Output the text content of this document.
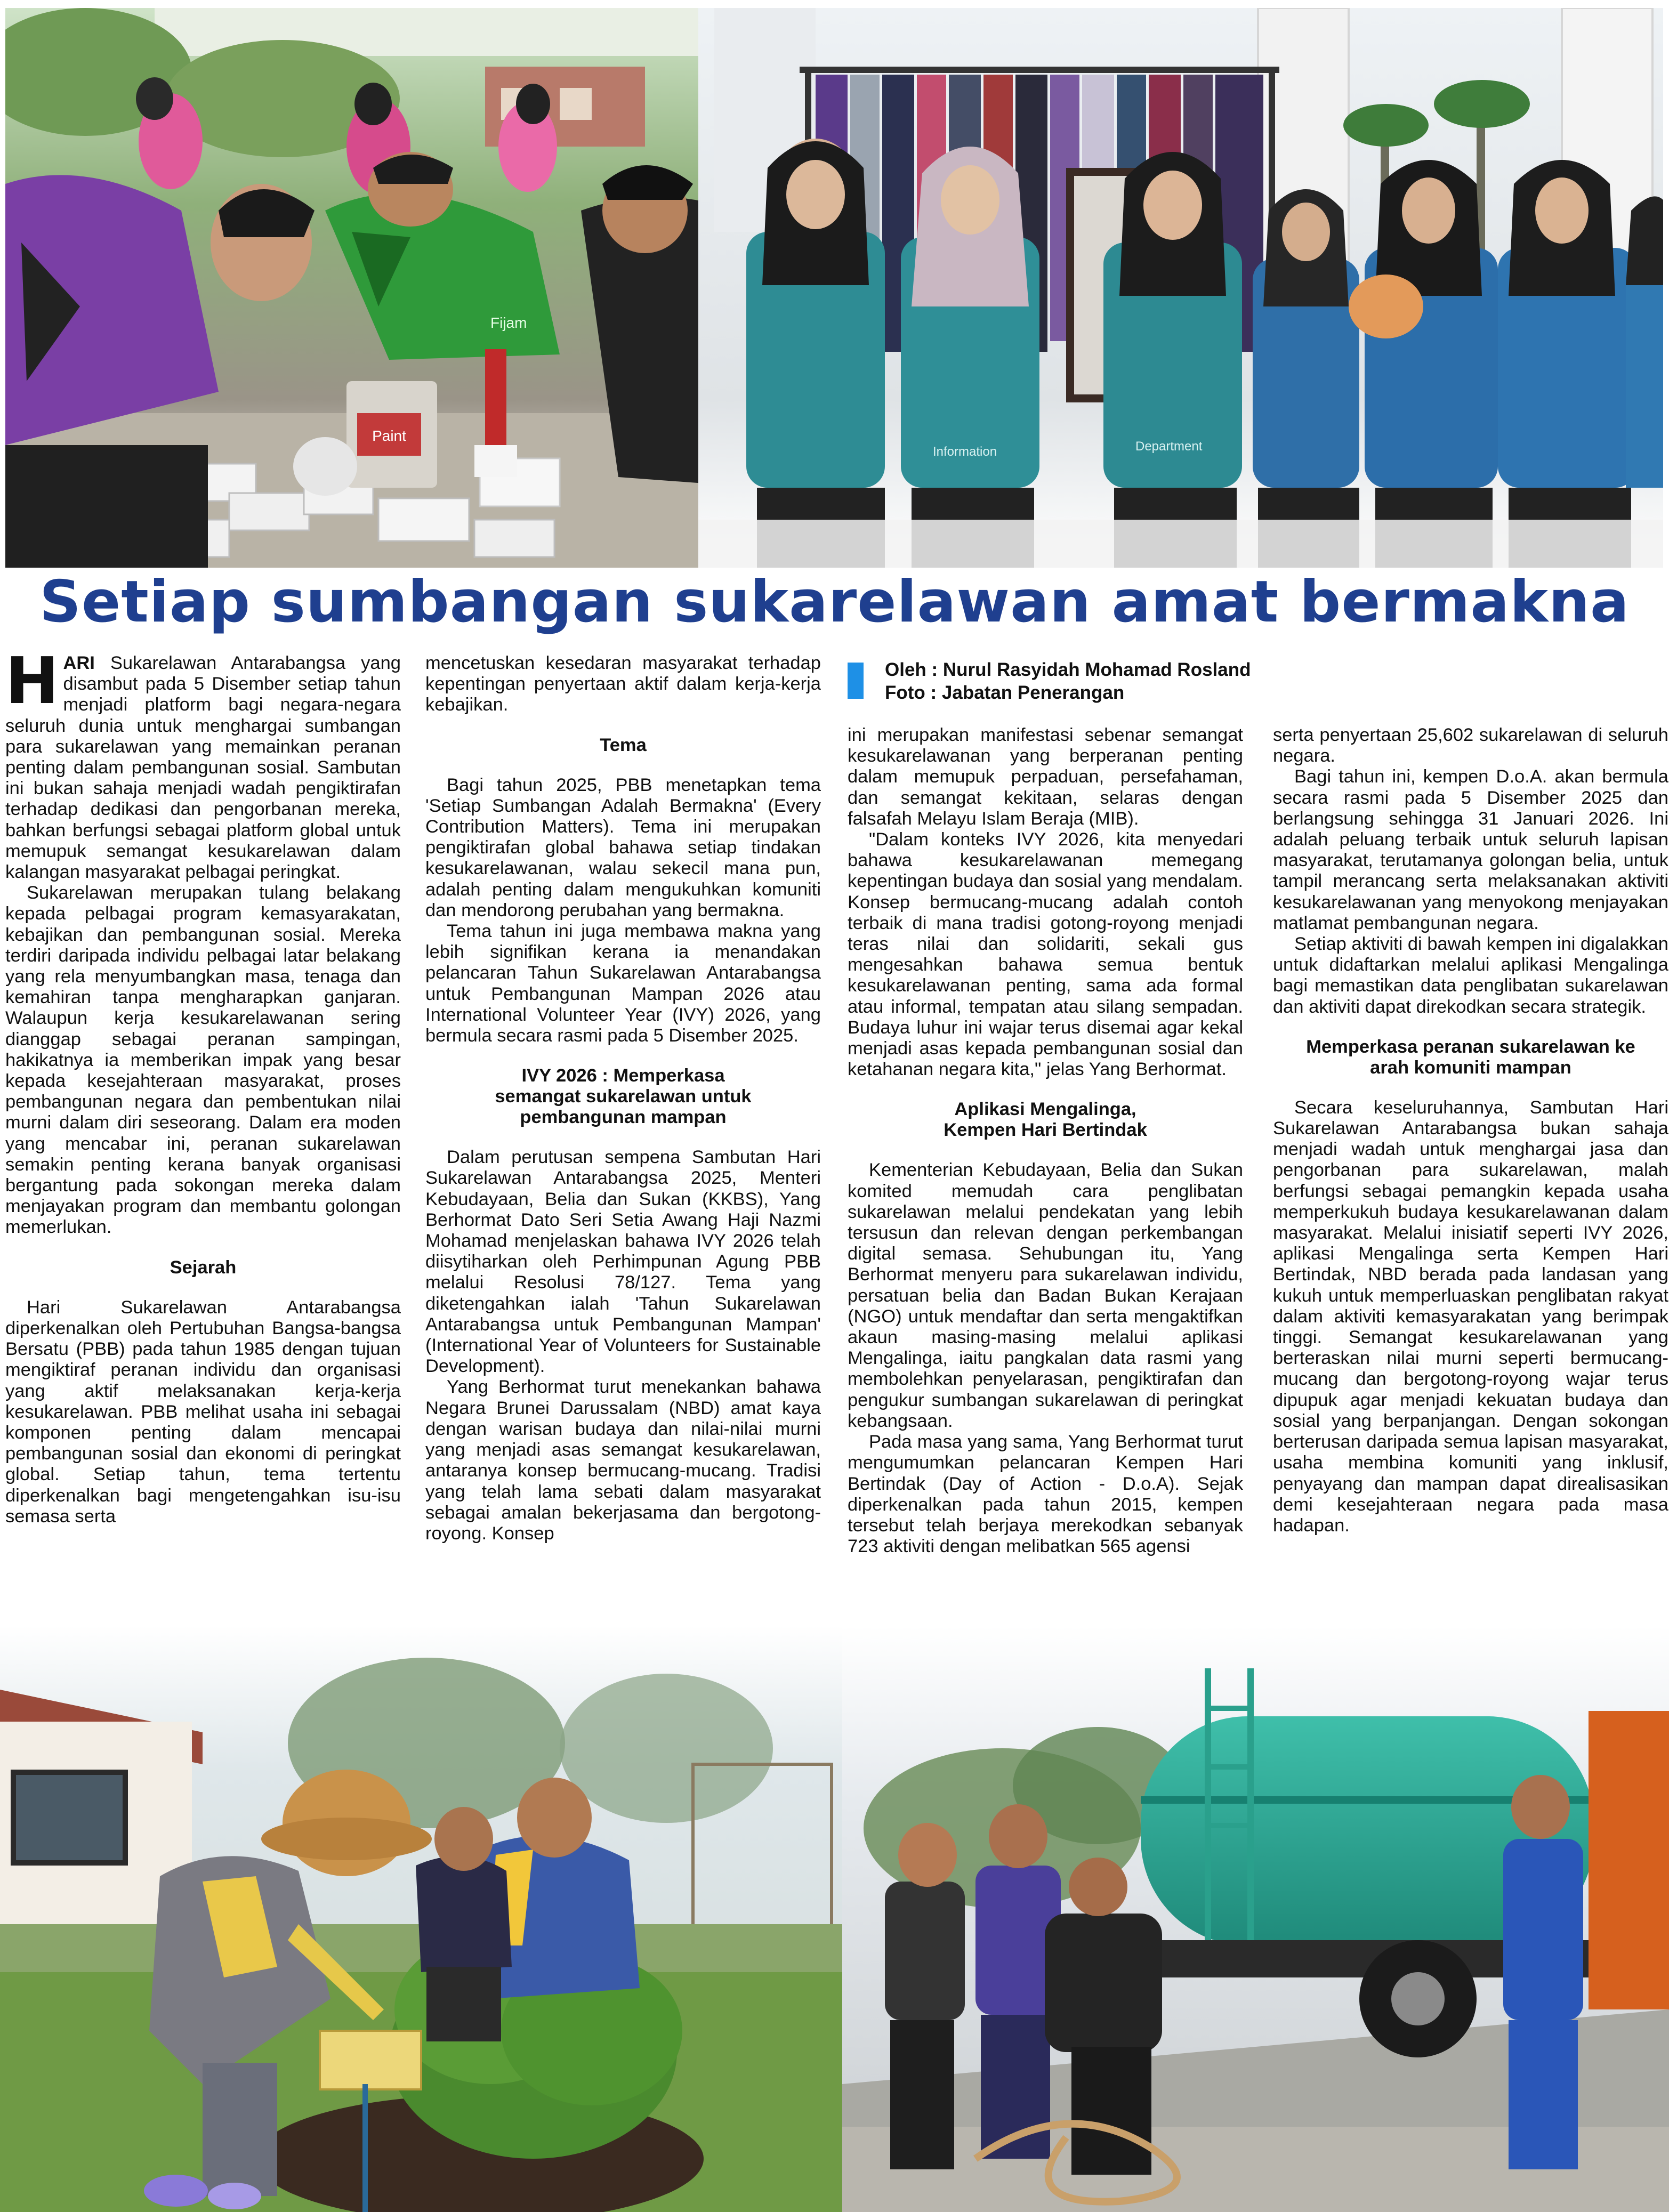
Paint
Fijam
Information	Department
Setiap sumbangan sukarelawan amat bermakna

HARI Sukarelawan Antarabangsa yang disambut pada 5 Disember setiap tahun menjadi platform bagi negara-negara seluruh dunia untuk menghargai sumbangan para sukarelawan yang memainkan peranan penting dalam pembangunan sosial. Sambutan ini bukan sahaja menjadi wadah pengiktirafan terhadap dedikasi dan pengorbanan mereka, bahkan berfungsi sebagai platform global untuk memupuk semangat kesukarelawan dalam kalangan masyarakat pelbagai peringkat.

Sukarelawan merupakan tulang belakang kepada pelbagai program kemasyarakatan, kebajikan dan pembangunan sosial. Mereka terdiri daripada individu pelbagai latar belakang yang rela menyumbangkan masa, tenaga dan kemahiran tanpa mengharapkan ganjaran. Walaupun kerja kesukarelawanan sering dianggap sebagai peranan sampingan, hakikatnya ia memberikan impak yang besar kepada kesejahteraan masyarakat, proses pembangunan negara dan pembentukan nilai murni dalam diri seseorang. Dalam era moden yang mencabar ini, peranan sukarelawan semakin penting kerana banyak organisasi bergantung pada sokongan mereka dalam menjayakan program dan membantu golongan memerlukan.

Sejarah

Hari Sukarelawan Antarabangsa diperkenalkan oleh Pertubuhan Bangsa-bangsa Bersatu (PBB) pada tahun 1985 dengan tujuan mengiktiraf peranan individu dan organisasi yang aktif melaksanakan kerja-kerja kesukarelawan. PBB melihat usaha ini sebagai komponen penting dalam mencapai pembangunan sosial dan ekonomi di peringkat global. Setiap tahun, tema tertentu diperkenalkan bagi mengetengahkan isu-isu semasa serta

mencetuskan kesedaran masyarakat terhadap kepentingan penyertaan aktif dalam kerja-kerja kebajikan.

Tema

Bagi tahun 2025, PBB menetapkan tema 'Setiap Sumbangan Adalah Bermakna' (Every Contribution Matters). Tema ini merupakan pengiktirafan global bahawa setiap tindakan kesukarelawanan, walau sekecil mana pun, adalah penting dalam mengukuhkan komuniti dan mendorong perubahan yang bermakna.

Tema tahun ini juga membawa makna yang lebih signifikan kerana ia menandakan pelancaran Tahun Sukarelawan Antarabangsa untuk Pembangunan Mampan 2026 atau International Volunteer Year (IVY) 2026, yang bermula secara rasmi pada 5 Disember 2025.

IVY 2026 : Memperkasa
semangat sukarelawan untuk
pembangunan mampan

Dalam perutusan sempena Sambutan Hari Sukarelawan Antarabangsa 2025, Menteri Kebudayaan, Belia dan Sukan (KKBS), Yang Berhormat Dato Seri Setia Awang Haji Nazmi Mohamad menjelaskan bahawa IVY 2026 telah diisytiharkan oleh Perhimpunan Agung PBB melalui Resolusi 78/127. Tema yang diketengahkan ialah 'Tahun Sukarelawan Antarabangsa untuk Pembangunan Mampan' (International Year of Volunteers for Sustainable Development).

Yang Berhormat turut menekankan bahawa Negara Brunei Darussalam (NBD) amat kaya dengan warisan budaya dan nilai-nilai murni yang menjadi asas semangat kesukarelawan, antaranya konsep bermucang-mucang. Tradisi yang telah lama sebati dalam masyarakat sebagai amalan bekerjasama dan bergotong-royong. Konsep

Oleh : Nurul Rasyidah Mohamad Rosland
Foto : Jabatan Penerangan

ini merupakan manifestasi sebenar semangat kesukarelawanan yang berperanan penting dalam memupuk perpaduan, persefahaman, dan semangat kekitaan, selaras dengan falsafah Melayu Islam Beraja (MIB).

"Dalam konteks IVY 2026, kita menyedari bahawa kesukarelawanan memegang kepentingan budaya dan sosial yang mendalam. Konsep bermucang-mucang adalah contoh terbaik di mana tradisi gotong-royong menjadi teras nilai dan solidariti, sekali gus mengesahkan bahawa semua bentuk kesukarelawanan penting, sama ada formal atau informal, tempatan atau silang sempadan. Budaya luhur ini wajar terus disemai agar kekal menjadi asas kepada pembangunan sosial dan ketahanan negara kita," jelas Yang Berhormat.

Aplikasi Mengalinga,
Kempen Hari Bertindak

Kementerian Kebudayaan, Belia dan Sukan komited memudah cara penglibatan sukarelawan melalui pendekatan yang lebih tersusun dan relevan dengan perkembangan digital semasa. Sehubungan itu, Yang Berhormat menyeru para sukarelawan individu, persatuan belia dan Badan Bukan Kerajaan (NGO) untuk mendaftar dan serta mengaktifkan akaun masing-masing melalui aplikasi Mengalinga, iaitu pangkalan data rasmi yang membolehkan penyelarasan, pengiktirafan dan pengukur sumbangan sukarelawan di peringkat kebangsaan.

Pada masa yang sama, Yang Berhormat turut mengumumkan pelancaran Kempen Hari Bertindak (Day of Action - D.o.A). Sejak diperkenalkan pada tahun 2015, kempen tersebut telah berjaya merekodkan sebanyak 723 aktiviti dengan melibatkan 565 agensi

serta penyertaan 25,602 sukarelawan di seluruh negara.

Bagi tahun ini, kempen D.o.A. akan bermula secara rasmi pada 5 Disember 2025 dan berlangsung sehingga 31 Januari 2026. Ini adalah peluang terbaik untuk seluruh lapisan masyarakat, terutamanya golongan belia, untuk tampil merancang serta melaksanakan aktiviti kesukarelawanan yang menyokong menjayakan matlamat pembangunan negara.

Setiap aktiviti di bawah kempen ini digalakkan untuk didaftarkan melalui aplikasi Mengalinga bagi memastikan data penglibatan sukarelawan dan aktiviti dapat direkodkan secara strategik.

Memperkasa peranan sukarelawan ke
arah komuniti mampan

Secara keseluruhannya, Sambutan Hari Sukarelawan Antarabangsa bukan sahaja menjadi wadah untuk menghargai jasa dan pengorbanan para sukarelawan, malah berfungsi sebagai pemangkin kepada usaha memperkukuh budaya kesukarelawanan dalam masyarakat. Melalui inisiatif seperti IVY 2026, aplikasi Mengalinga serta Kempen Hari Bertindak, NBD berada pada landasan yang kukuh untuk memperluaskan penglibatan rakyat dalam aktiviti kemasyarakatan yang berimpak tinggi. Semangat kesukarelawanan yang berteraskan nilai murni seperti bermucang-mucang dan bergotong-royong wajar terus dipupuk agar menjadi kekuatan budaya dan sosial yang berpanjangan. Dengan sokongan berterusan daripada semua lapisan masyarakat, usaha membina komuniti yang inklusif, penyayang dan mampan dapat direalisasikan demi kesejahteraan negara pada masa hadapan.
